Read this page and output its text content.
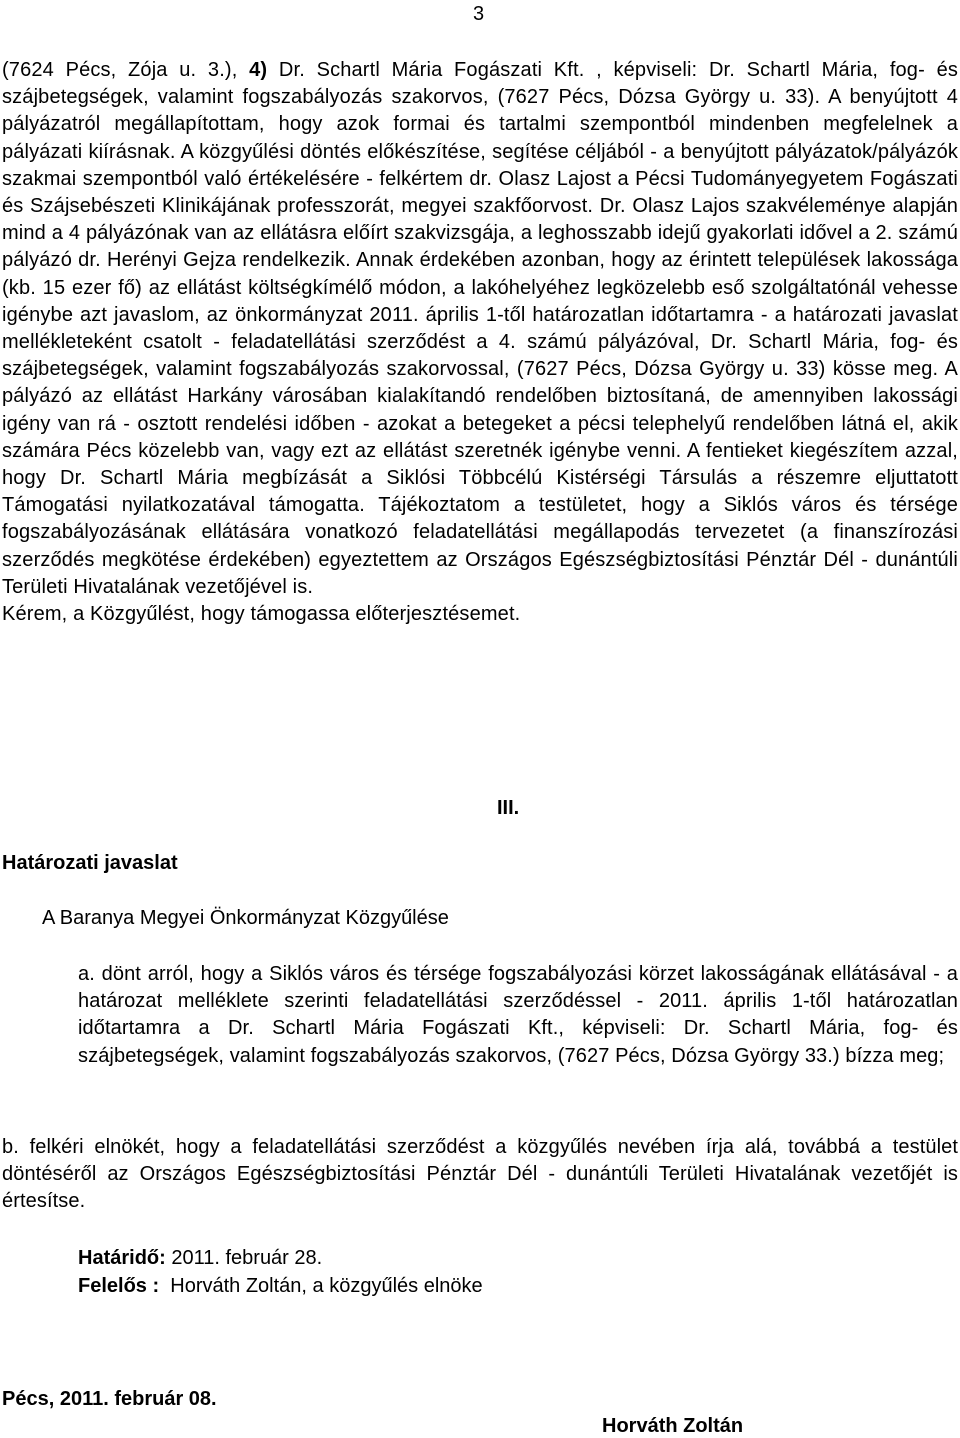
3

(7624 Pécs, Zója u. 3.), 4) Dr. Schartl Mária Fogászati Kft. , képviseli: Dr. Schartl Mária, fog- és szájbetegségek, valamint fogszabályozás szakorvos, (7627 Pécs, Dózsa György u. 33). A benyújtott 4 pályázatról megállapítottam, hogy azok formai és tartalmi szempontból mindenben megfelelnek a pályázati kiírásnak. A közgyűlési döntés előkészítése, segítése céljából - a benyújtott pályázatok/pályázók szakmai szempontból való értékelésére - felkértem dr. Olasz Lajost a Pécsi Tudományegyetem Fogászati és Szájsebészeti Klinikájának professzorát, megyei szakfőorvost. Dr. Olasz Lajos szakvéleménye alapján mind a 4 pályázónak van az ellátásra előírt szakvizsgája, a leghosszabb idejű gyakorlati idővel a 2. számú pályázó dr. Herényi Gejza rendelkezik. Annak érdekében azonban, hogy az érintett települések lakossága (kb. 15 ezer fő) az ellátást költségkímélő módon, a lakóhelyéhez legközelebb eső szolgáltatónál vehesse igénybe azt javaslom, az önkormányzat 2011. április 1-től határozatlan időtartamra - a határozati javaslat mellékleteként csatolt - feladatellátási szerződést a 4. számú pályázóval, Dr. Schartl Mária, fog- és szájbetegségek, valamint fogszabályozás szakorvossal, (7627 Pécs, Dózsa György u. 33) kösse meg. A pályázó az ellátást Harkány városában kialakítandó rendelőben biztosítaná, de amennyiben lakossági igény van rá - osztott rendelési időben - azokat a betegeket a pécsi telephelyű rendelőben látná el, akik számára Pécs közelebb van, vagy ezt az ellátást szeretnék igénybe venni. A fentieket kiegészítem azzal, hogy Dr. Schartl Mária megbízását a Siklósi Többcélú Kistérségi Társulás a részemre eljuttatott Támogatási nyilatkozatával támogatta. Tájékoztatom a testületet, hogy a Siklós város és térsége fogszabályozásának ellátására vonatkozó feladatellátási megállapodás tervezetet (a finanszírozási szerződés megkötése érdekében) egyeztettem az Országos Egészségbiztosítási Pénztár Dél - dunántúli Területi Hivatalának vezetőjével is.
Kérem, a Közgyűlést, hogy támogassa előterjesztésemet.

III.
Határozati javaslat
A Baranya Megyei Önkormányzat Közgyűlése

a. dönt arról, hogy a Siklós város és térsége fogszabályozási körzet lakosságának ellátásával - a határozat melléklete szerinti feladatellátási szerződéssel - 2011. április 1-től határozatlan időtartamra a Dr. Schartl Mária Fogászati Kft., képviseli: Dr. Schartl Mária, fog- és szájbetegségek, valamint fogszabályozás szakorvos, (7627 Pécs, Dózsa György 33.) bízza meg;

b. felkéri elnökét, hogy a feladatellátási szerződést a közgyűlés nevében írja alá, továbbá a testület döntéséről az Országos Egészségbiztosítási Pénztár Dél - dunántúli Területi Hivatalának vezetőjét is értesítse.

Határidő: 2011. február 28.
Felelős :  Horváth Zoltán, a közgyűlés elnöke
Pécs, 2011. február 08.
Horváth Zoltán
